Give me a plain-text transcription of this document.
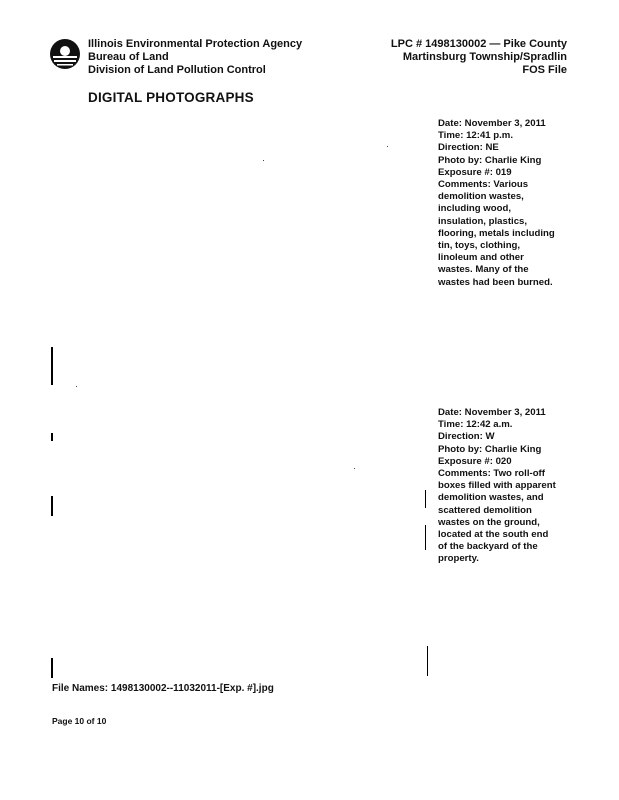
Illinois Environmental Protection Agency
Bureau of Land
Division of Land Pollution Control
LPC # 1498130002 — Pike County
Martinsburg Township/Spradlin
FOS File
DIGITAL PHOTOGRAPHS
Date: November 3, 2011
Time: 12:41 p.m.
Direction: NE
Photo by: Charlie King
Exposure #: 019
Comments: Various demolition wastes, including wood, insulation, plastics, flooring, metals including tin, toys, clothing, linoleum and other wastes. Many of the wastes had been burned.
Date: November 3, 2011
Time: 12:42 a.m.
Direction: W
Photo by: Charlie King
Exposure #: 020
Comments: Two roll-off boxes filled with apparent demolition wastes, and scattered demolition wastes on the ground, located at the south end of the backyard of the property.
File Names: 1498130002--11032011-[Exp. #].jpg
Page 10 of 10
